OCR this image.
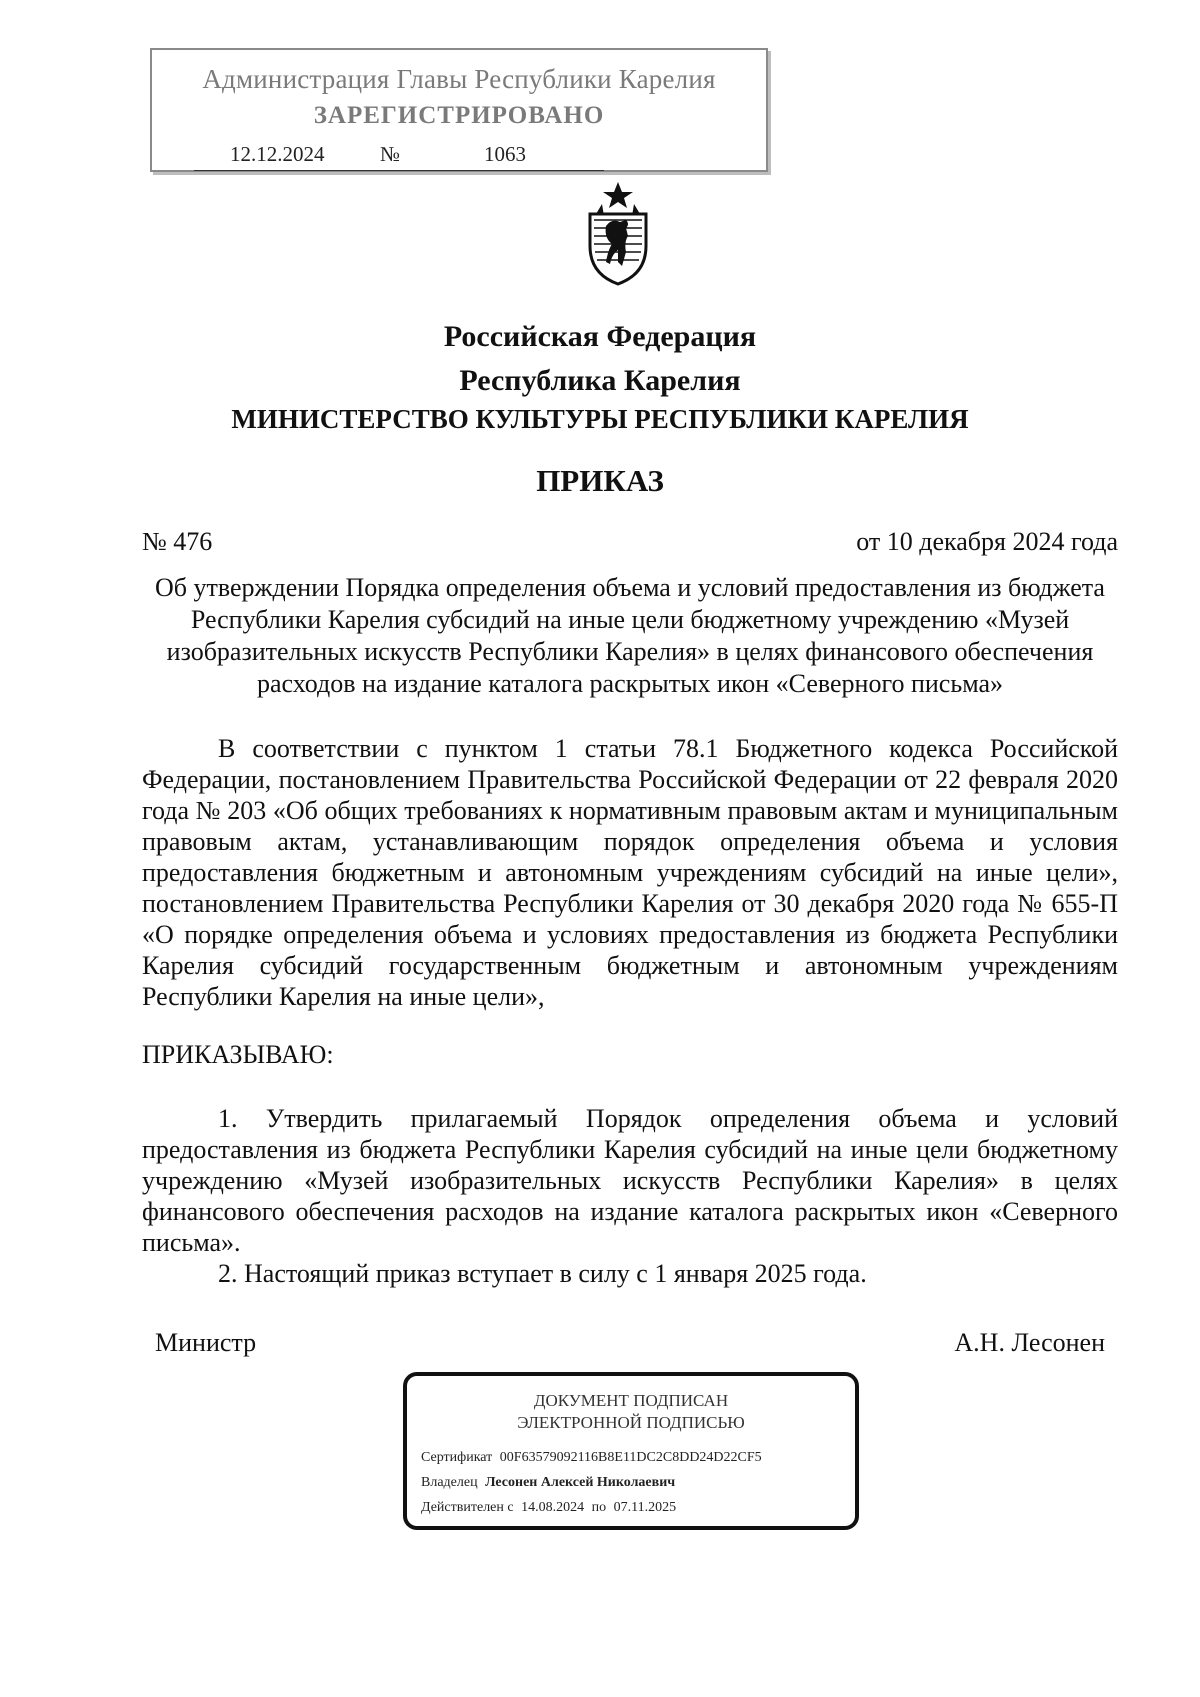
Администрация Главы Республики Карелия
ЗАРЕГИСТРИРОВАНО
12.12.2024	№	1063
Российская Федерация
Республика Карелия
МИНИСТЕРСТВО КУЛЬТУРЫ РЕСПУБЛИКИ КАРЕЛИЯ
ПРИКАЗ
№ 476	от 10 декабря 2024 года
Об утверждении Порядка определения объема и условий предоставления из бюджета Республики Карелия субсидий на иные цели бюджетному учреждению «Музей изобразительных искусств Республики Карелия» в целях финансового обеспечения расходов на издание каталога раскрытых икон «Северного письма»
В соответствии с пунктом 1 статьи 78.1 Бюджетного кодекса Российской Федерации, постановлением Правительства Российской Федерации от 22 февраля 2020 года № 203 «Об общих требованиях к нормативным правовым актам и муниципальным правовым актам, устанавливающим порядок определения объема и условия предоставления бюджетным и автономным учреждениям субсидий на иные цели», постановлением Правительства Республики Карелия от 30 декабря 2020 года № 655-П «О порядке определения объема и условиях предоставления из бюджета Республики Карелия субсидий государственным бюджетным и автономным учреждениям Республики Карелия на иные цели»,
ПРИКАЗЫВАЮ:
1. Утвердить прилагаемый Порядок определения объема и условий предоставления из бюджета Республики Карелия субсидий на иные цели бюджетному учреждению «Музей изобразительных искусств Республики Карелия» в целях финансового обеспечения расходов на издание каталога раскрытых икон «Северного письма».
2. Настоящий приказ вступает в силу с 1 января 2025 года.
Министр	А.Н. Лесонен
ДОКУМЕНТ ПОДПИСАН
ЭЛЕКТРОННОЙ ПОДПИСЬЮ
Сертификат 00F63579092116B8E11DC2C8DD24D22CF5
Владелец Лесонен Алексей Николаевич
Действителен с 14.08.2024 по 07.11.2025
